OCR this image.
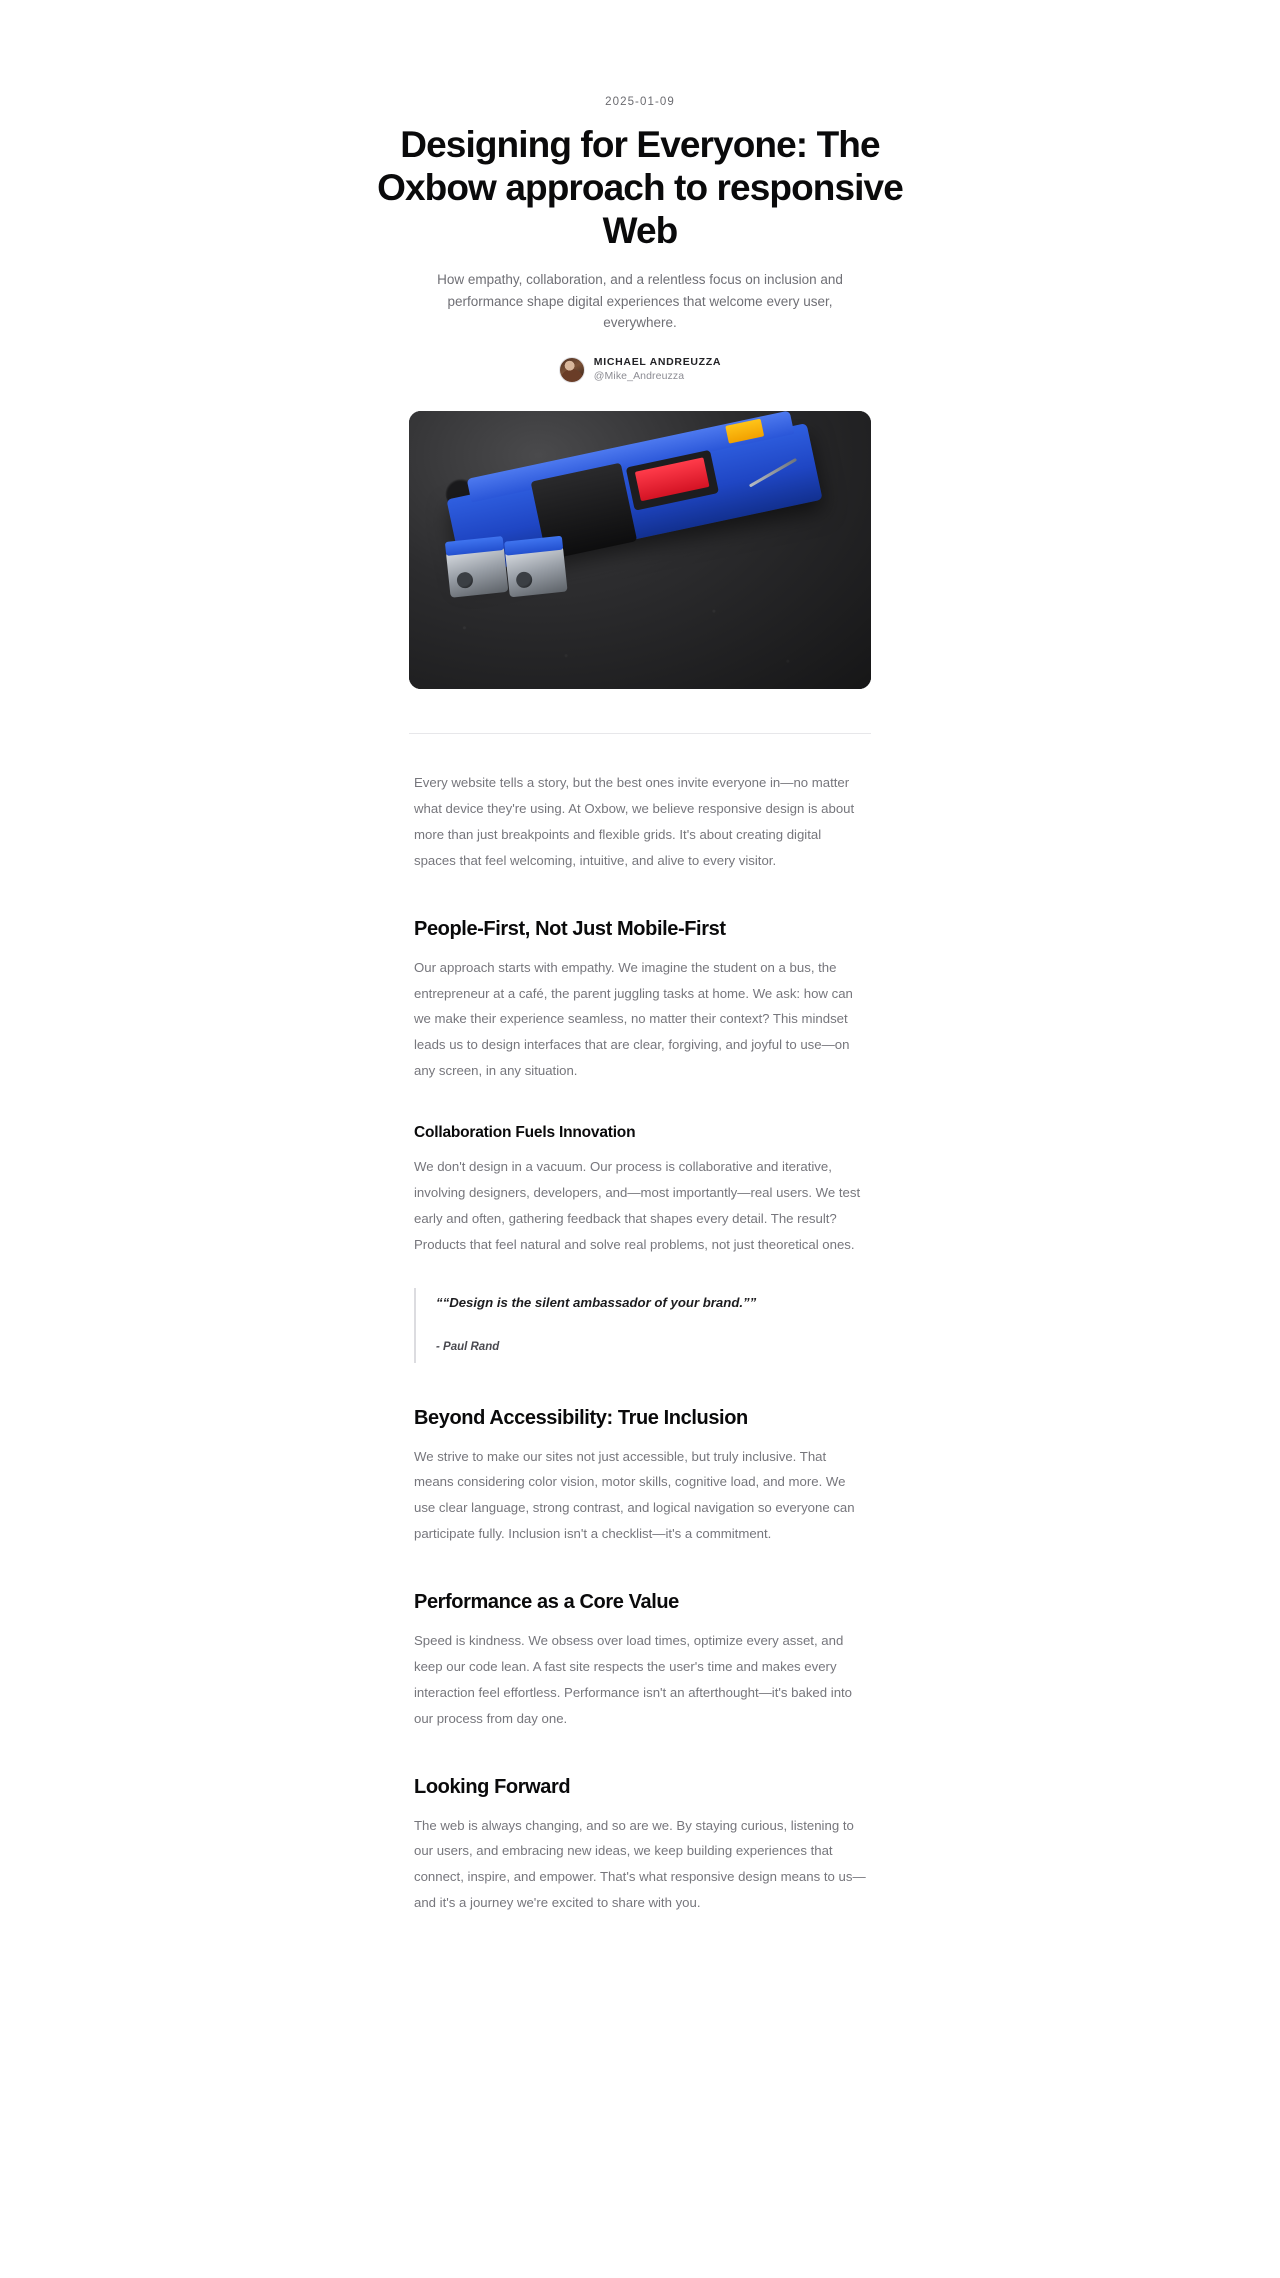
2025-01-09
Designing for Everyone: The Oxbow approach to responsive Web
How empathy, collaboration, and a relentless focus on inclusion and performance shape digital experiences that welcome every user, everywhere.
MICHAEL ANDREUZZA
@Mike_Andreuzza

Every website tells a story, but the best ones invite everyone in—no matter what device they're using. At Oxbow, we believe responsive design is about more than just breakpoints and flexible grids. It's about creating digital spaces that feel welcoming, intuitive, and alive to every visitor.

People‑First, Not Just Mobile‑First

Our approach starts with empathy. We imagine the student on a bus, the entrepreneur at a café, the parent juggling tasks at home. We ask: how can we make their experience seamless, no matter their context? This mindset leads us to design interfaces that are clear, forgiving, and joyful to use—on any screen, in any situation.

Collaboration Fuels Innovation

We don't design in a vacuum. Our process is collaborative and iterative, involving designers, developers, and—most importantly—real users. We test early and often, gathering feedback that shapes every detail. The result? Products that feel natural and solve real problems, not just theoretical ones.

““Design is the silent ambassador of your brand.””

- Paul Rand

Beyond Accessibility: True Inclusion

We strive to make our sites not just accessible, but truly inclusive. That means considering color vision, motor skills, cognitive load, and more. We use clear language, strong contrast, and logical navigation so everyone can participate fully. Inclusion isn't a checklist—it's a commitment.

Performance as a Core Value

Speed is kindness. We obsess over load times, optimize every asset, and keep our code lean. A fast site respects the user's time and makes every interaction feel effortless. Performance isn't an afterthought—it's baked into our process from day one.

Looking Forward

The web is always changing, and so are we. By staying curious, listening to our users, and embracing new ideas, we keep building experiences that connect, inspire, and empower. That's what responsive design means to us—and it's a journey we're excited to share with you.
